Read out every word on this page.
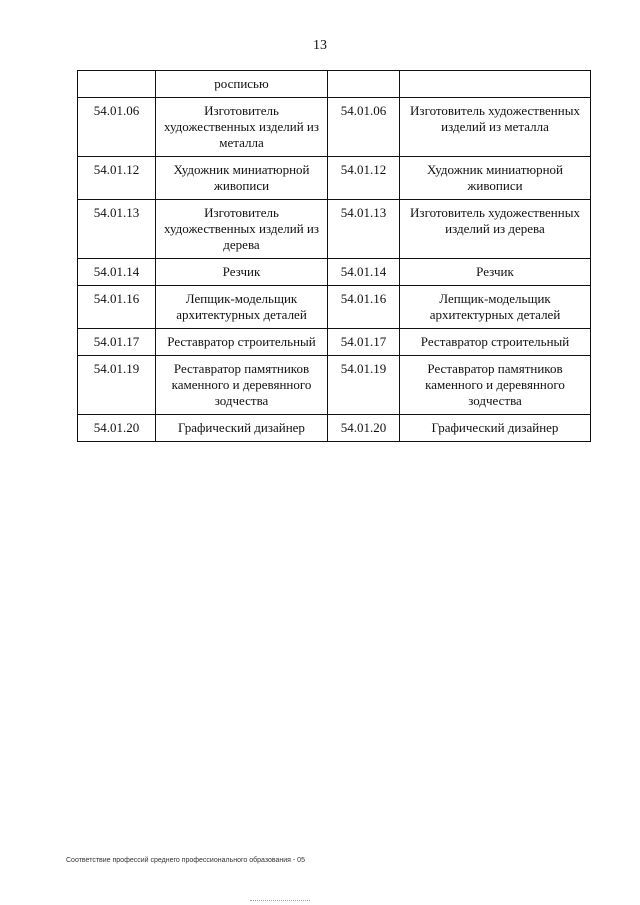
13
	росписью		
54.01.06	Изготовитель художественных изделий из металла	54.01.06	Изготовитель художественных изделий из металла
54.01.12	Художник миниатюрной живописи	54.01.12	Художник миниатюрной живописи
54.01.13	Изготовитель художественных изделий из дерева	54.01.13	Изготовитель художественных изделий из дерева
54.01.14	Резчик	54.01.14	Резчик
54.01.16	Лепщик-модельщик архитектурных деталей	54.01.16	Лепщик-модельщик архитектурных деталей
54.01.17	Реставратор строительный	54.01.17	Реставратор строительный
54.01.19	Реставратор памятников каменного и деревянного зодчества	54.01.19	Реставратор памятников каменного и деревянного зодчества
54.01.20	Графический дизайнер	54.01.20	Графический дизайнер
Соответствие профессий среднего профессионального образования - 05
